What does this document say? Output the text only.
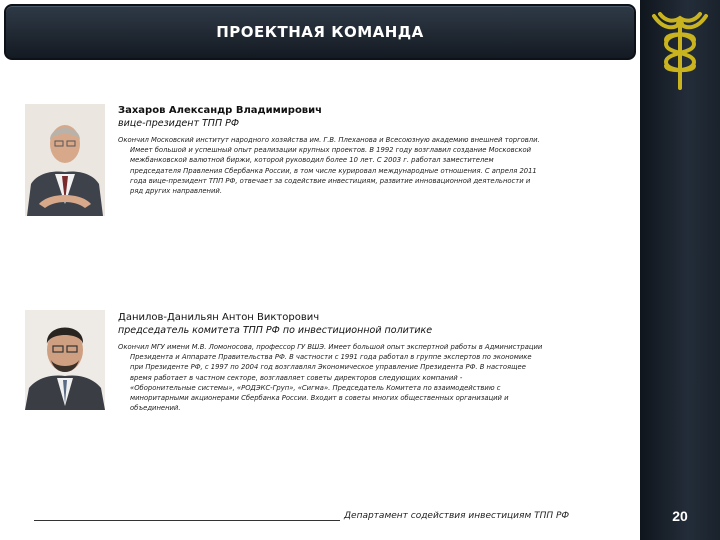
ПРОЕКТНАЯ КОМАНДА
Захаров Александр Владимирович
вице-президент ТПП РФ
Окончил Московский институт народного хозяйства им. Г.В. Плеханова и Всесоюзную академию внешней торговли.
Имеет большой и успешный опыт реализации крупных проектов. В 1992 году возглавил создание Московской
межбанковской валютной биржи, которой руководил более 10 лет. С 2003 г. работал заместителем
председателя Правления Сбербанка России, в том числе курировал международные отношения. С апреля 2011
года вице-президент ТПП РФ, отвечает за содействие инвестициям, развитие инновационной деятельности и
ряд других направлений.
Данилов-Данильян Антон Викторович
председатель комитета ТПП РФ по инвестиционной политике
Окончил МГУ имени М.В. Ломоносова, профессор ГУ ВШЭ. Имеет большой опыт экспертной работы в Администрации
Президента и Аппарате Правительства РФ. В частности с 1991 года работал в группе экспертов по экономике
при Президенте РФ, с 1997 по 2004 год возглавлял Экономическое управление Президента РФ. В настоящее
время работает в частном секторе, возглавляет советы директоров следующих компаний -
«Оборонительные системы», «РОДЭКС-Груп», «Сигма». Председатель Комитета по взаимодействию с
миноритарными акционерами Сбербанка России. Входит в советы многих общественных организаций и
объединений.
Департамент содействия инвестициям ТПП РФ	20
